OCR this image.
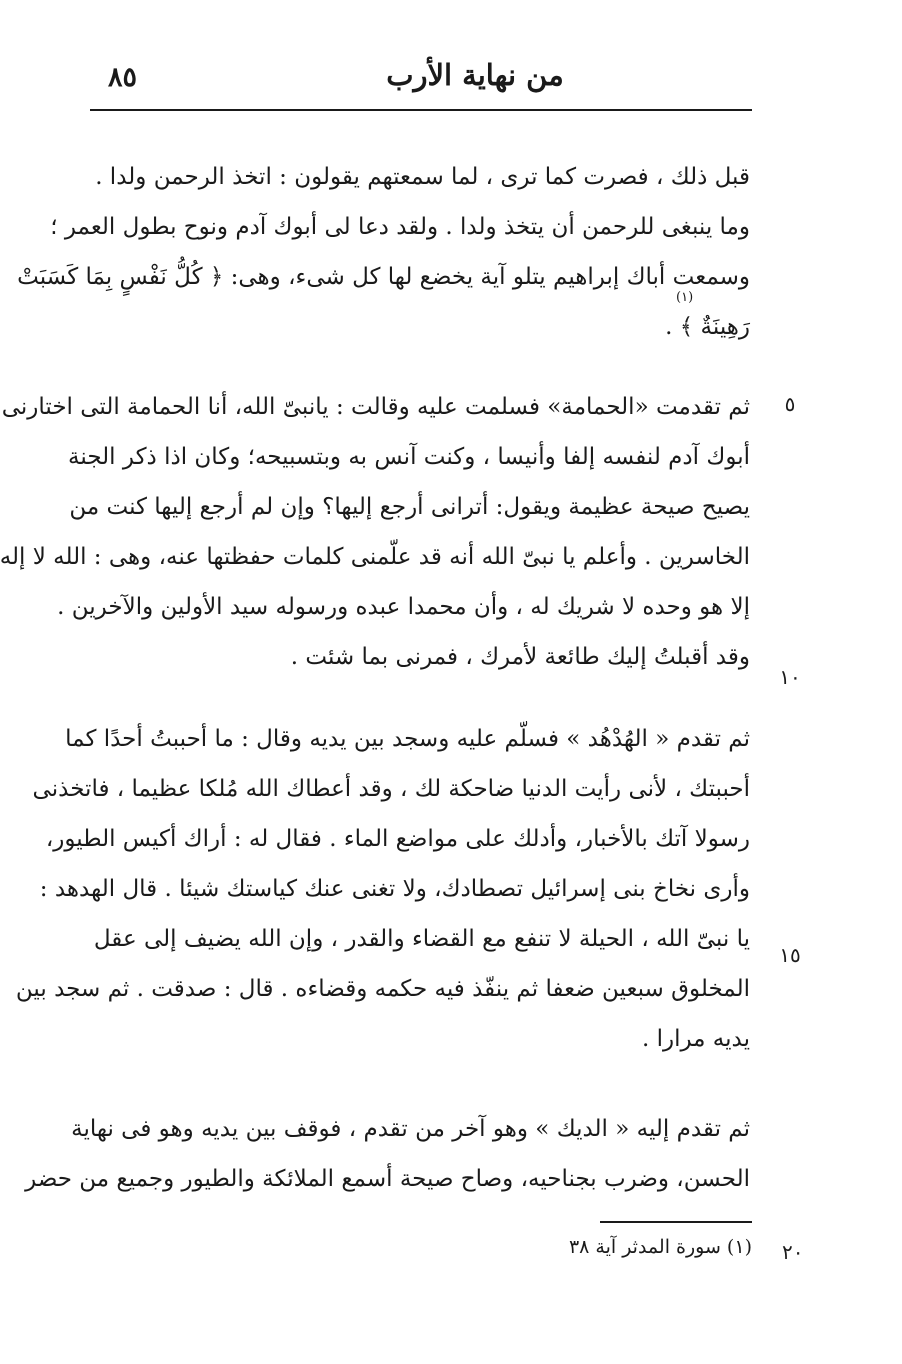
٨٥	من نهاية الأرب
قبل ذلك ، فصرت كما ترى ، لما سمعتهم يقولون : اتخذ الرحمن ولدا .
وما ينبغى للرحمن أن يتخذ ولدا . ولقد دعا لى أبوك آدم ونوح بطول العمر ؛
وسمعت أباك إبراهيم يتلو آية يخضع لها كل شىء، وهى: ﴿ كُلُّ نَفْسٍ بِمَا كَسَبَتْ
رَهِينَةٌ ﴾ .
(١)
ثم تقدمت «الحمامة» فسلمت عليه وقالت : يانبىّ الله، أنا الحمامة التى اختارنى
أبوك آدم لنفسه إلفا وأنيسا ، وكنت آنس به وبتسبيحه؛ وكان اذا ذكر الجنة
يصيح صيحة عظيمة ويقول: أترانى أرجع إليها؟ وإن لم أرجع إليها كنت من
الخاسرين . وأعلم يا نبىّ الله أنه قد علّمنى كلمات حفظتها عنه، وهى : الله لا إله
إلا هو وحده لا شريك له ، وأن محمدا عبده ورسوله سيد الأولين والآخرين .
وقد أقبلتُ إليك طائعة لأمرك ، فمرنى بما شئت .
ثم تقدم « الهُدْهُد » فسلّم عليه وسجد بين يديه وقال : ما أحببتُ أحدًا كما
أحببتك ، لأنى رأيت الدنيا ضاحكة لك ، وقد أعطاك الله مُلكا عظيما ، فاتخذنى
رسولا آتك بالأخبار، وأدلك على مواضع الماء . فقال له : أراك أكيس الطيور،
وأرى نخاخ بنى إسرائيل تصطادك، ولا تغنى عنك كياستك شيئا . قال الهدهد :
يا نبىّ الله ، الحيلة لا تنفع مع القضاء والقدر ، وإن الله يضيف إلى عقل
المخلوق سبعين ضعفا ثم ينفّذ فيه حكمه وقضاءه . قال : صدقت . ثم سجد بين
يديه مرارا .
ثم تقدم إليه « الديك » وهو آخر من تقدم ، فوقف بين يديه وهو فى نهاية
الحسن، وضرب بجناحيه، وصاح صيحة أسمع الملائكة والطيور وجميع من حضر
٥
١٠
١٥
٢٠
(١) سورة المدثر آية ٣٨
